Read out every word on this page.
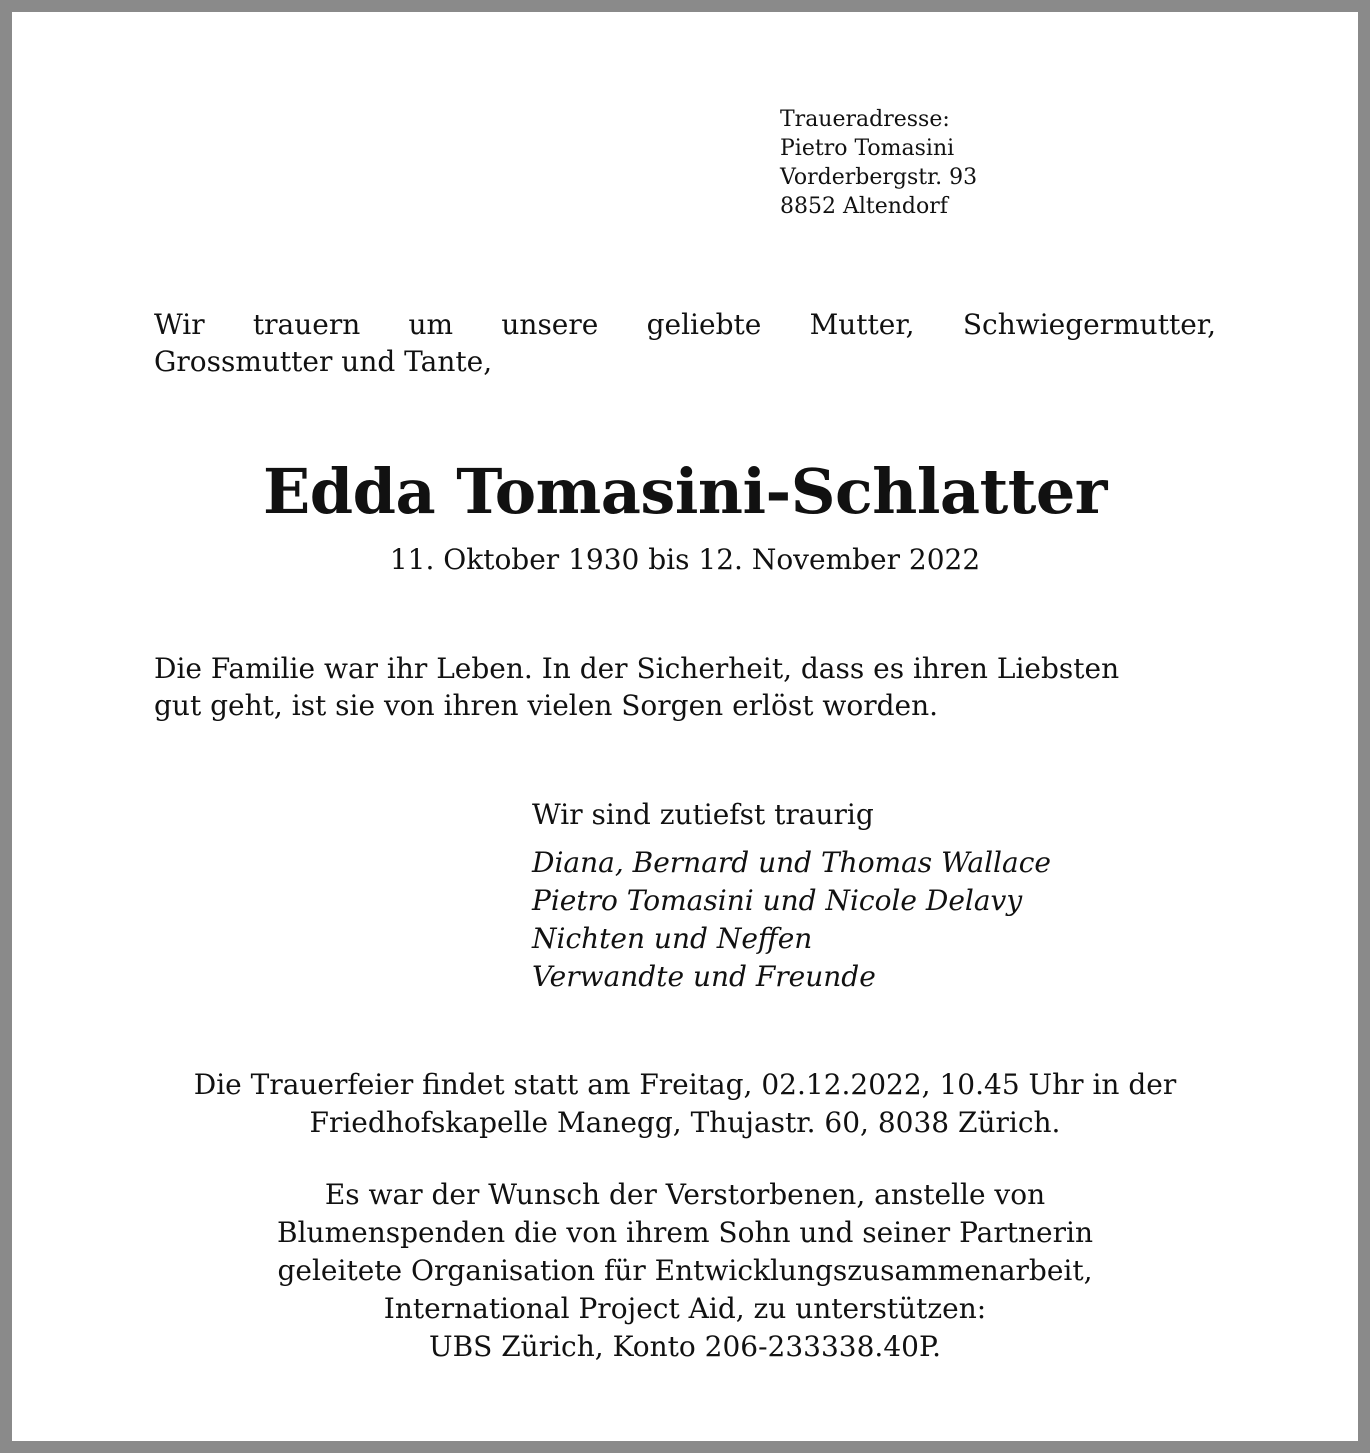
Traueradresse:
Pietro Tomasini
Vorderbergstr. 93
8852 Altendorf
Wir trauern um unsere geliebte Mutter, Schwiegermutter,
Grossmutter und Tante,
Edda Tomasini-Schlatter
11. Oktober 1930 bis 12. November 2022
Die Familie war ihr Leben. In der Sicherheit, dass es ihren Liebsten
gut geht, ist sie von ihren vielen Sorgen erlöst worden.
Wir sind zutiefst traurig
Diana, Bernard und Thomas Wallace
Pietro Tomasini und Nicole Delavy
Nichten und Neffen
Verwandte und Freunde
Die Trauerfeier findet statt am Freitag, 02.12.2022, 10.45 Uhr in der
Friedhofskapelle Manegg, Thujastr. 60, 8038 Zürich.
Es war der Wunsch der Verstorbenen, anstelle von
Blumenspenden die von ihrem Sohn und seiner Partnerin
geleitete Organisation für Entwicklungszusammenarbeit,
International Project Aid, zu unterstützen:
UBS Zürich, Konto 206-233338.40P.
